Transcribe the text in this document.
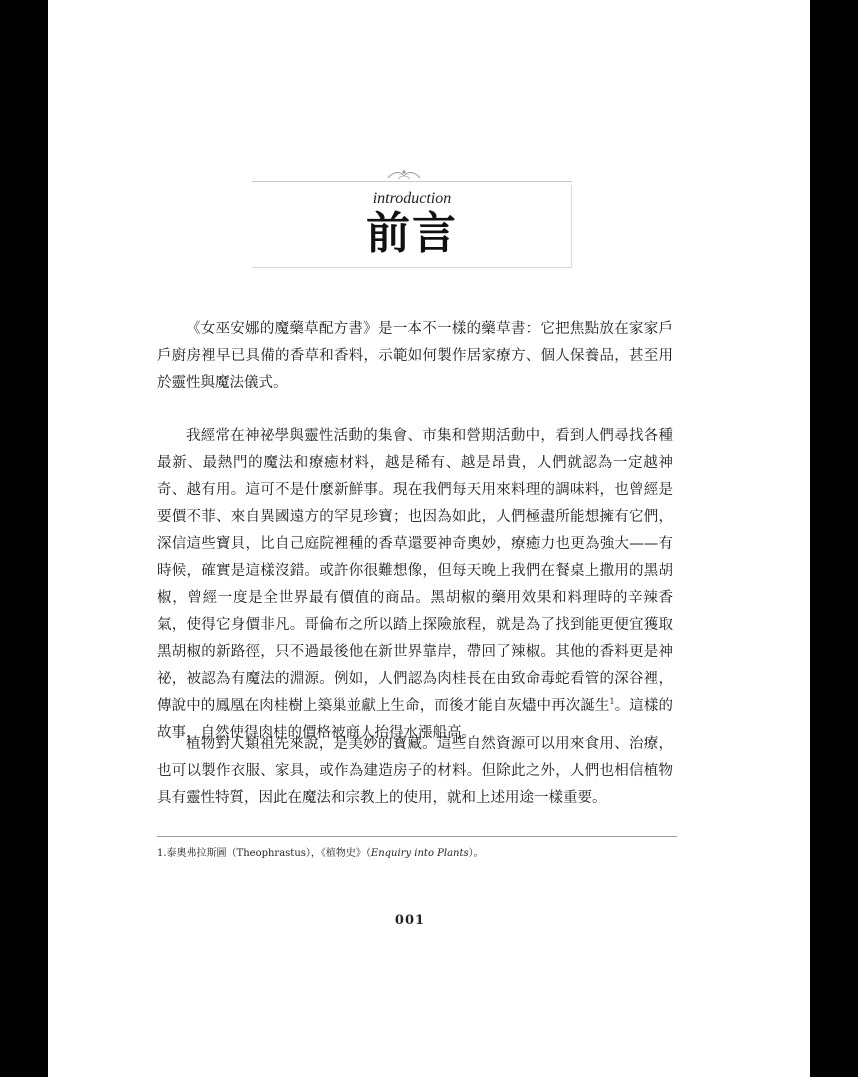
introduction
前言

《女巫安娜的魔藥草配方書》是一本不一樣的藥草書：它把焦點放在家家戶戶廚房裡早已具備的香草和香料，示範如何製作居家療方、個人保養品，甚至用於靈性與魔法儀式。

我經常在神祕學與靈性活動的集會、市集和營期活動中，看到人們尋找各種最新、最熱門的魔法和療癒材料，越是稀有、越是昂貴，人們就認為一定越神奇、越有用。這可不是什麼新鮮事。現在我們每天用來料理的調味料，也曾經是要價不菲、來自異國遠方的罕見珍寶；也因為如此，人們極盡所能想擁有它們，深信這些寶貝，比自己庭院裡種的香草還要神奇奧妙，療癒力也更為強大——有時候，確實是這樣沒錯。或許你很難想像，但每天晚上我們在餐桌上撒用的黑胡椒，曾經一度是全世界最有價值的商品。黑胡椒的藥用效果和料理時的辛辣香氣，使得它身價非凡。哥倫布之所以踏上探險旅程，就是為了找到能更便宜獲取黑胡椒的新路徑，只不過最後他在新世界靠岸，帶回了辣椒。其他的香料更是神祕，被認為有魔法的淵源。例如，人們認為肉桂長在由致命毒蛇看管的深谷裡，傳說中的鳳凰在肉桂樹上築巢並獻上生命，而後才能自灰燼中再次誕生$^1$。這樣的故事，自然使得肉桂的價格被商人抬得水漲船高。

植物對人類祖先來說，是美妙的寶藏。這些自然資源可以用來食用、治療，也可以製作衣服、家具，或作為建造房子的材料。但除此之外，人們也相信植物具有靈性特質，因此在魔法和宗教上的使用，就和上述用途一樣重要。

1.泰奧弗拉斯圖（Theophrastus），《植物史》（Enquiry into Plants）。
001
